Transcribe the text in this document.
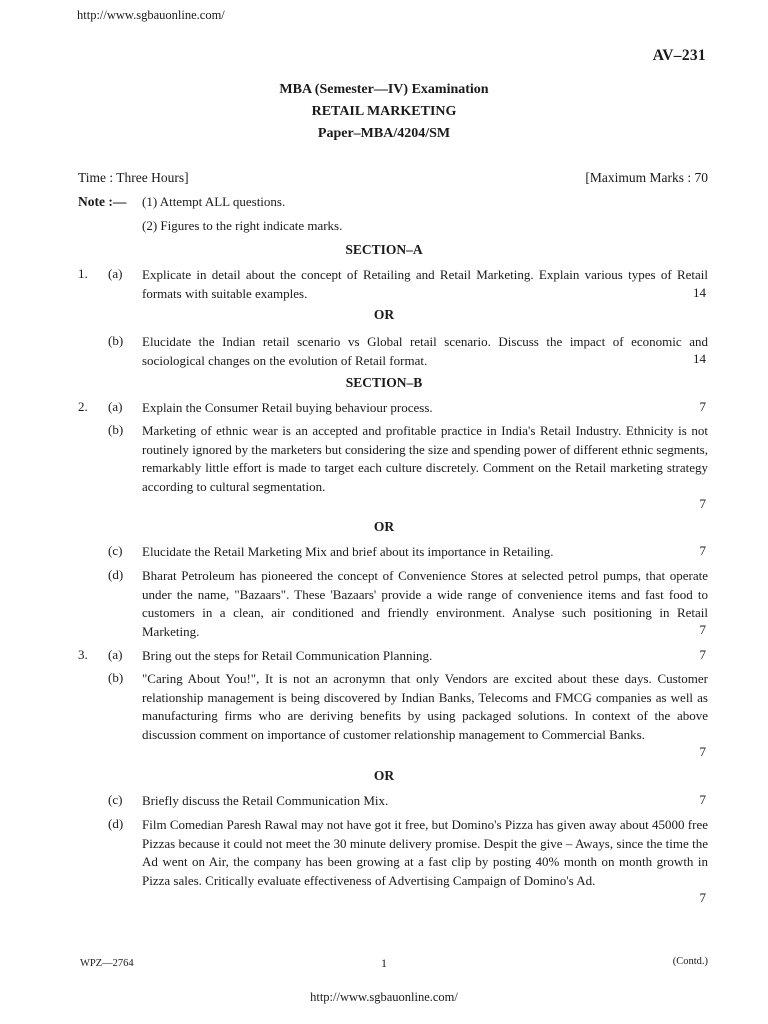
http://www.sgbauonline.com/
AV–231
MBA (Semester—IV) Examination
RETAIL MARKETING
Paper–MBA/4204/SM
Time : Three Hours]	[Maximum Marks : 70
Note :— (1) Attempt ALL questions.
(2) Figures to the right indicate marks.
SECTION–A
1. (a) Explicate in detail about the concept of Retailing and Retail Marketing. Explain various types of Retail formats with suitable examples.	14
OR
(b) Elucidate the Indian retail scenario vs Global retail scenario. Discuss the impact of economic and sociological changes on the evolution of Retail format.	14
SECTION–B
2. (a) Explain the Consumer Retail buying behaviour process.	7
(b) Marketing of ethnic wear is an accepted and profitable practice in India's Retail Industry. Ethnicity is not routinely ignored by the marketers but considering the size and spending power of different ethnic segments, remarkably little effort is made to target each culture discretely. Comment on the Retail marketing strategy according to cultural segmentation.
7
OR
(c) Elucidate the Retail Marketing Mix and brief about its importance in Retailing.	7
(d) Bharat Petroleum has pioneered the concept of Convenience Stores at selected petrol pumps, that operate under the name, "Bazaars". These 'Bazaars' provide a wide range of convenience items and fast food to customers in a clean, air conditioned and friendly environment. Analyse such positioning in Retail Marketing.	7
3. (a) Bring out the steps for Retail Communication Planning.	7
(b) "Caring About You!", It is not an acronymn that only Vendors are excited about these days. Customer relationship management is being discovered by Indian Banks, Telecoms and FMCG companies as well as manufacturing firms who are deriving benefits by using packaged solutions. In context of the above discussion comment on importance of customer relationship management to Commercial Banks.
7
OR
(c) Briefly discuss the Retail Communication Mix.	7
(d) Film Comedian Paresh Rawal may not have got it free, but Domino's Pizza has given away about 45000 free Pizzas because it could not meet the 30 minute delivery promise. Despit the give – Aways, since the time the Ad went on Air, the company has been growing at a fast clip by posting 40% month on month growth in Pizza sales. Critically evaluate effectiveness of Advertising Campaign of Domino's Ad.
7
WPZ—2764	1	(Contd.)
http://www.sgbauonline.com/
